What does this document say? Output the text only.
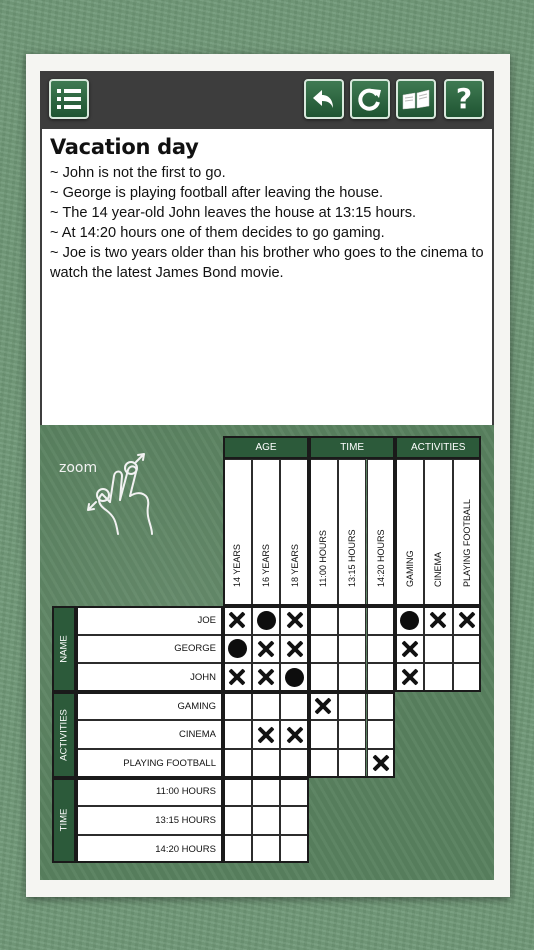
?
Vacation day

~ John is not the first to go.

~ George is playing football after leaving the house.

~ The 14 year-old John leaves the house at 13:15 hours.

~ At 14:20 hours one of them decides to go gaming.

~ Joe is two years older than his brother who goes to the cinema to watch the latest James Bond movie.

zoom
AGE
14 YEARS 16 YEARS 18 YEARS
TIME
11:00 HOURS 13:15 HOURS 14:20 HOURS
ACTIVITIES
GAMING CINEMA PLAYING FOOTBALL
NAME
JOE
GEORGE
JOHN
ACTIVITIES
GAMING
CINEMA
PLAYING FOOTBALL
TIME
11:00 HOURS
13:15 HOURS
14:20 HOURS
